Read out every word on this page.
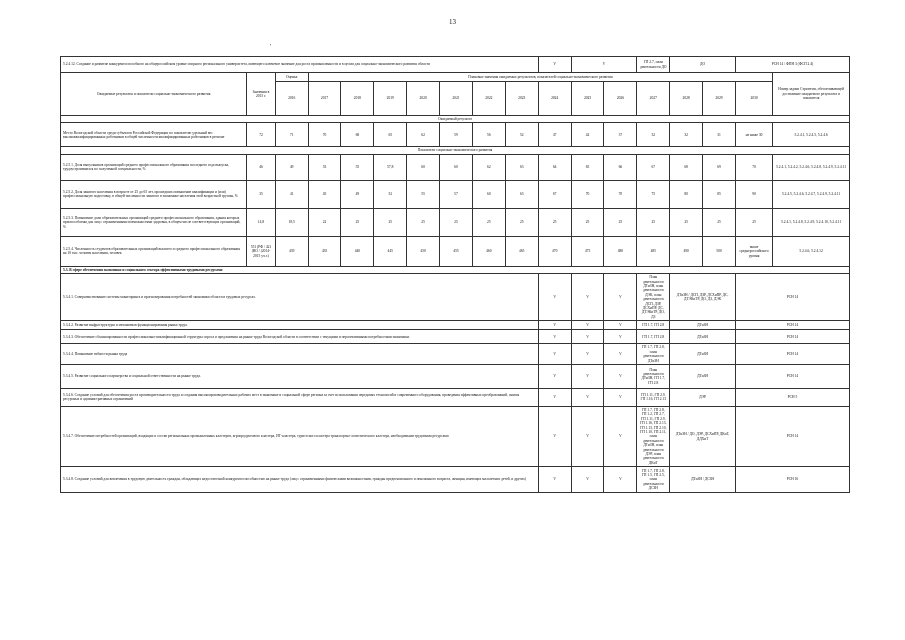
13
'
5.2.4.12. Создание и развитие конкурентоспособного на общероссийском уровне опорного регионального университета, имеющего ключевое значение для роста промышленности и в целом для социально-экономического развития области										V	V		ГП 2.7, план деятельности ДО	ДО		РСН 14 / ФПН 3 (ФСП 2.4)	
Ожидаемые результаты и показатели социально-экономического развития	Значения в 2015 г.	Оценка	Плановые значения ожидаемых результатов, показателей социально-экономического развития														Номер задачи Стратегии, обеспечивающей достижение ожидаемого результата и показателя
		2016	2017	2018	2019	2020	2021	2022	2023	2024	2025	2026	2027	2028	2029	2030	
Ожидаемый результат																	
Место Вологодской области среди субъектов Российской Федерации по показателю удельный вес высококвалифицированных работников в общей численности квалифицированных работников в регионе	72	71	70	68	65	62	59	56	52	47	42	37	32	32	31	не ниже 30	5.2.4.1, 5.2.4.5, 5.2.4.6
Показатели социально-экономического развития																	
5.2.5.1. Доля выпускников организаций среднего профессионального образования последнего года выпуска, трудоустроившихся по полученной специальности, %	46	49	53	55	57,8	60	60	62	63	64	65	66	67	68	69	70	5.2.4.1, 5.2.4.2, 5.2.4.6, 5.2.4.8, 5.2.4.9, 5.2.4.11
5.2.5.2. Доля занятого населения в возрасте от 25 до 65 лет, прошедших повышение квалификации и (или) профессиональную подготовку, в общей численности занятого в экономике населения этой возрастной группы, %	35	41	45	49	52	55	57	60	63	67	70	70	75	80	85	90	5.2.4.5, 5.2.4.6, 5.2.4.7, 5.2.4.9, 5.2.4.11
5.2.5.3. Повышение доли образовательных организаций среднего профессионального образования, здания которых приспособлены для лиц с ограниченными возможностями здоровья, в общем числе соответствующих организаций, %	14,8	18,5	22	25	25	25	25	25	25	25	25	25	25	25	25	25	5.2.4.1, 5.2.4.8, 5.2.4.9, 5.2.4.10, 5.2.4.11
5.2.5.4. Численность студентов образовательных организаций высшего и среднего профессионального образования на 10 тыс. человек населения, человек	551 (РФ / 421 (ВО / (2014-2015 уч.г.)	439	435	440	445	450	455	460	465	470	475	480	485	490	500	выше среднероссийского уровня	5.2.4.6, 5.2.4.12
5.3. В сфере обеспечения экономики и социального сектора эффективными трудовыми ресурсами																	
5.3.4.1. Совершенствование системы мониторинга и прогнозирования потребностей экономики области в трудовых ресурсах.										V	V	V	План деятельности ДТиЗН, план деятельности ДЭК, план деятельности ДСП, ДЗР, ДСХиПР, ДС, ДТЭКиТР, ДО, ДЗ	ДТиЗН / ДСП, ДЗР, ДСХиПР, ДС, ДТЭКиТР, ДО, ДЗ, ДЭК		РСН 14	
5.3.4.2. Развитие инфраструктуры и механизмов функционирования рынка труда.										V	V	V	ГП 1.7, ГП 2.8	ДТиЗН		РСН 14	
5.3.4.3. Обеспечение сбалансированности профессионально-квалификационной структуры спроса и предложения на рынке труда Вологодской области в соответствии с текущими и перспективными потребностями экономики.										V	V	V	ГП 1.7, ГП 2.8	ДТиЗН		РСН 14	
5.3.4.4. Повышение гибкости рынка труда										V	V	V	ГП 1.7, ГП 2.8, план деятельности ДТиЗН	ДТиЗН		РСН 14	
5.3.4.5. Развитие социального партнерства и социальной ответственности на рынке труда.										V	V	V	План деятельности ДТиЗН, ГП 1.7, ГП 2.8	ДТиЗН		РСН 14	
5.3.4.6. Создание условий для обеспечения роста производительности труда и создания высокопроизводительных рабочих мест в экономике и социальной сфере региона за счет использования передовых технологий и современного оборудования, проведения эффективных преобразований, снятия ресурсных и административных ограничений										V	V	V	ГП 1.11, ГП 2.9, ГП 1.16, ГП 2.13	ДЭР		РСН 5	
5.3.4.7. Обеспечение потребностей организаций, входящих в состав региональных промышленных кластеров, агропродуктового кластера, ИТ-кластера, туристского кластера транспортно-логистического кластера, необходимыми трудовыми ресурсами										V	V	V	ГП 1.7, ГП 2.8, ГП 1.2, ГП 2.7, ГП 1.11, ГП 2.9, ГП 1.16, ГП 2.13, ГП 1.13, ГП 2.10, ГП 1.10, ГП 2.11, план деятельности ДТиЗН, план деятельности ДЭР, план деятельности ДКиТ	ДТиЗН / ДО, ДЭР, ДСХиПР, ДКиТ, ДДХиТ		РСН 14	
5.3.4.8. Создание условий для вовлечения в трудовую деятельность граждан, обладающих недостаточной конкурентоспособностью на рынке труда (лиц с ограниченными физическими возможностями, граждан предпенсионного и пенсионного возраста, женщин, имеющих малолетних детей, и других)										V	V	V	ГП 1.7, ГП 2.8, ГП 1.5, ГП 2.5, план деятельности ДСЗН	ДТиЗН / ДСЗН		РСН 16	
